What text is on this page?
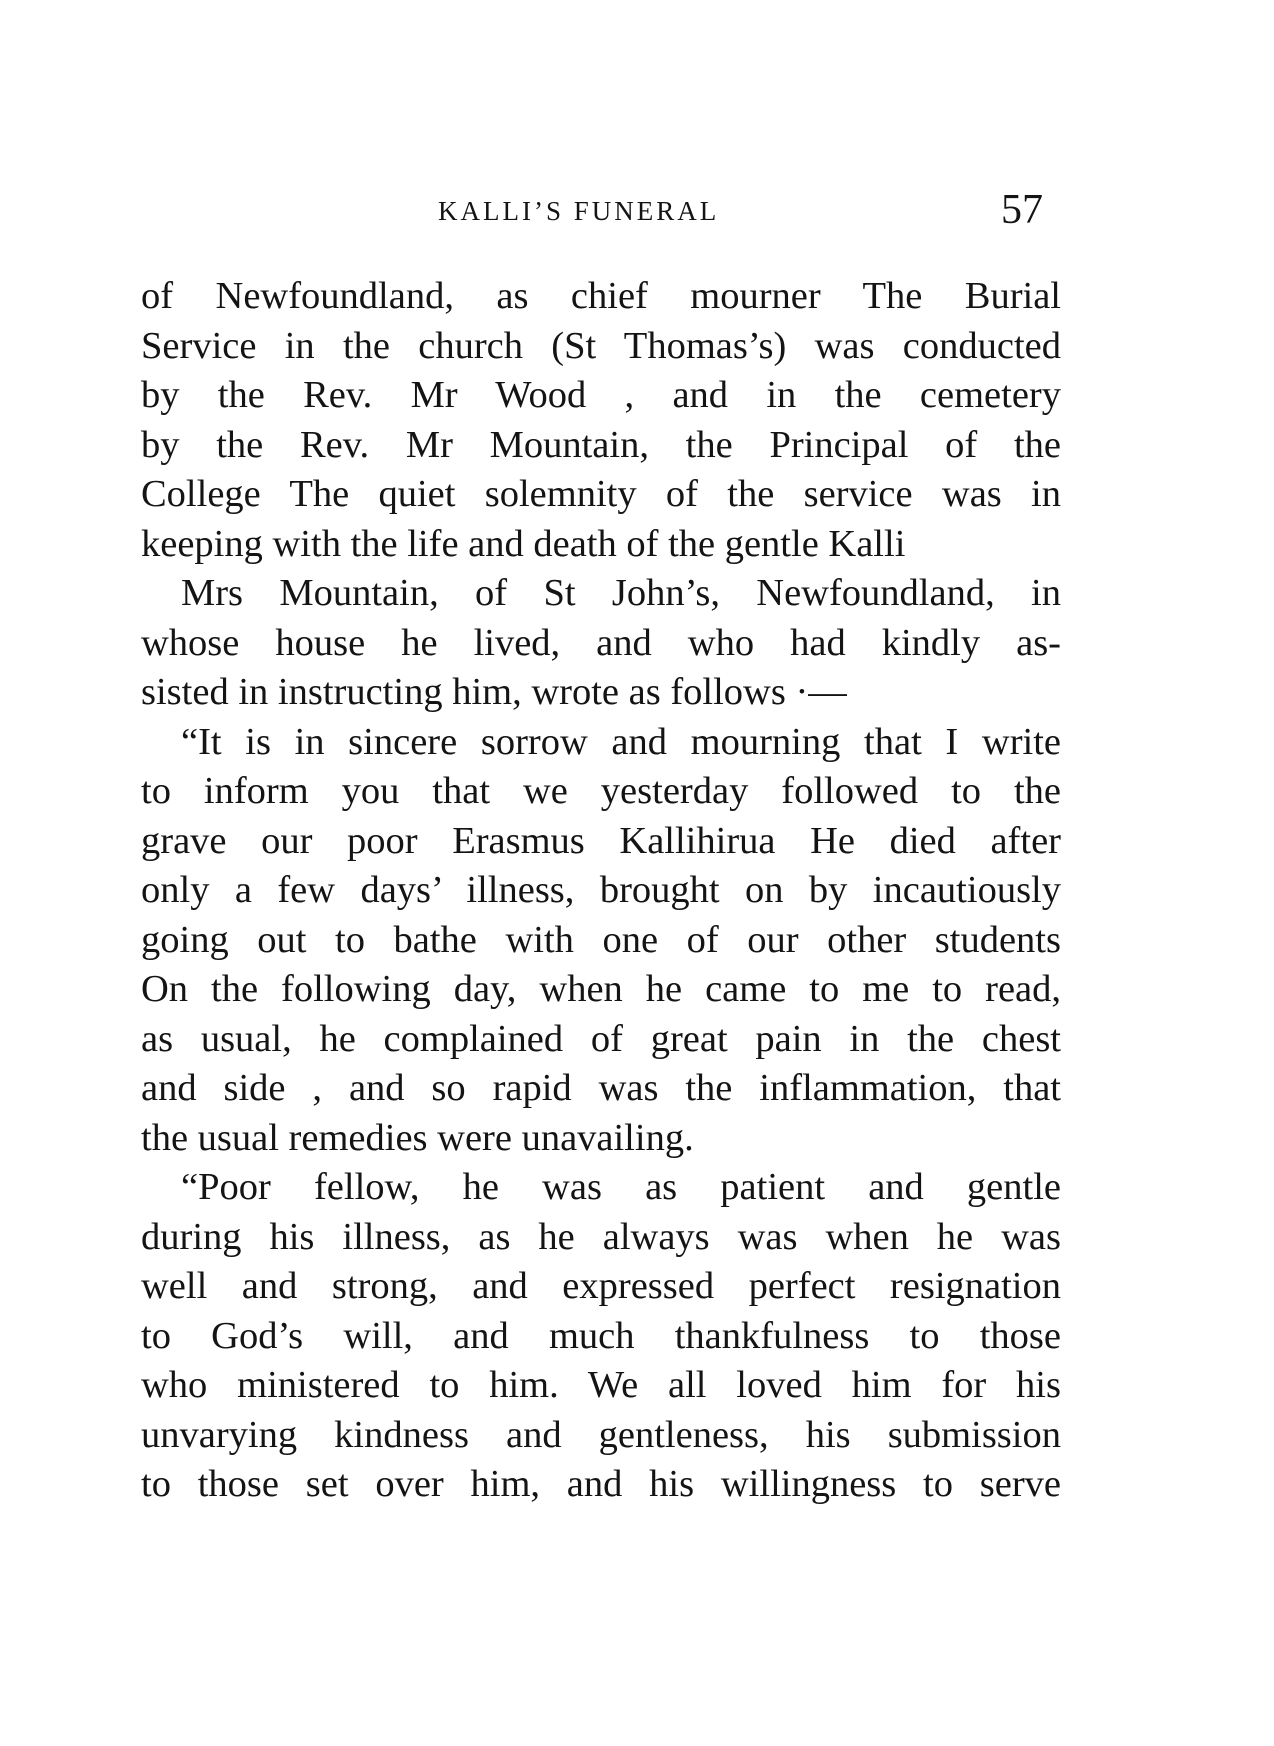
KALLI’S FUNERAL	57
of Newfoundland, as chief mourner The Burial
Service in the church (St Thomas’s) was conducted
by the Rev. Mr Wood , and in the cemetery
by the Rev. Mr Mountain, the Principal of the
College The quiet solemnity of the service was in
keeping with the life and death of the gentle Kalli
Mrs Mountain, of St John’s, Newfoundland, in
whose house he lived, and who had kindly as-
sisted in instructing him, wrote as follows ·—
“It is in sincere sorrow and mourning that I write
to inform you that we yesterday followed to the
grave our poor Erasmus Kallihirua He died after
only a few days’ illness, brought on by incautiously
going out to bathe with one of our other students
On the following day, when he came to me to read,
as usual, he complained of great pain in the chest
and side , and so rapid was the inflammation, that
the usual remedies were unavailing.
“Poor fellow, he was as patient and gentle
during his illness, as he always was when he was
well and strong, and expressed perfect resignation
to God’s will, and much thankfulness to those
who ministered to him. We all loved him for his
unvarying kindness and gentleness, his submission
to those set over him, and his willingness to serve
